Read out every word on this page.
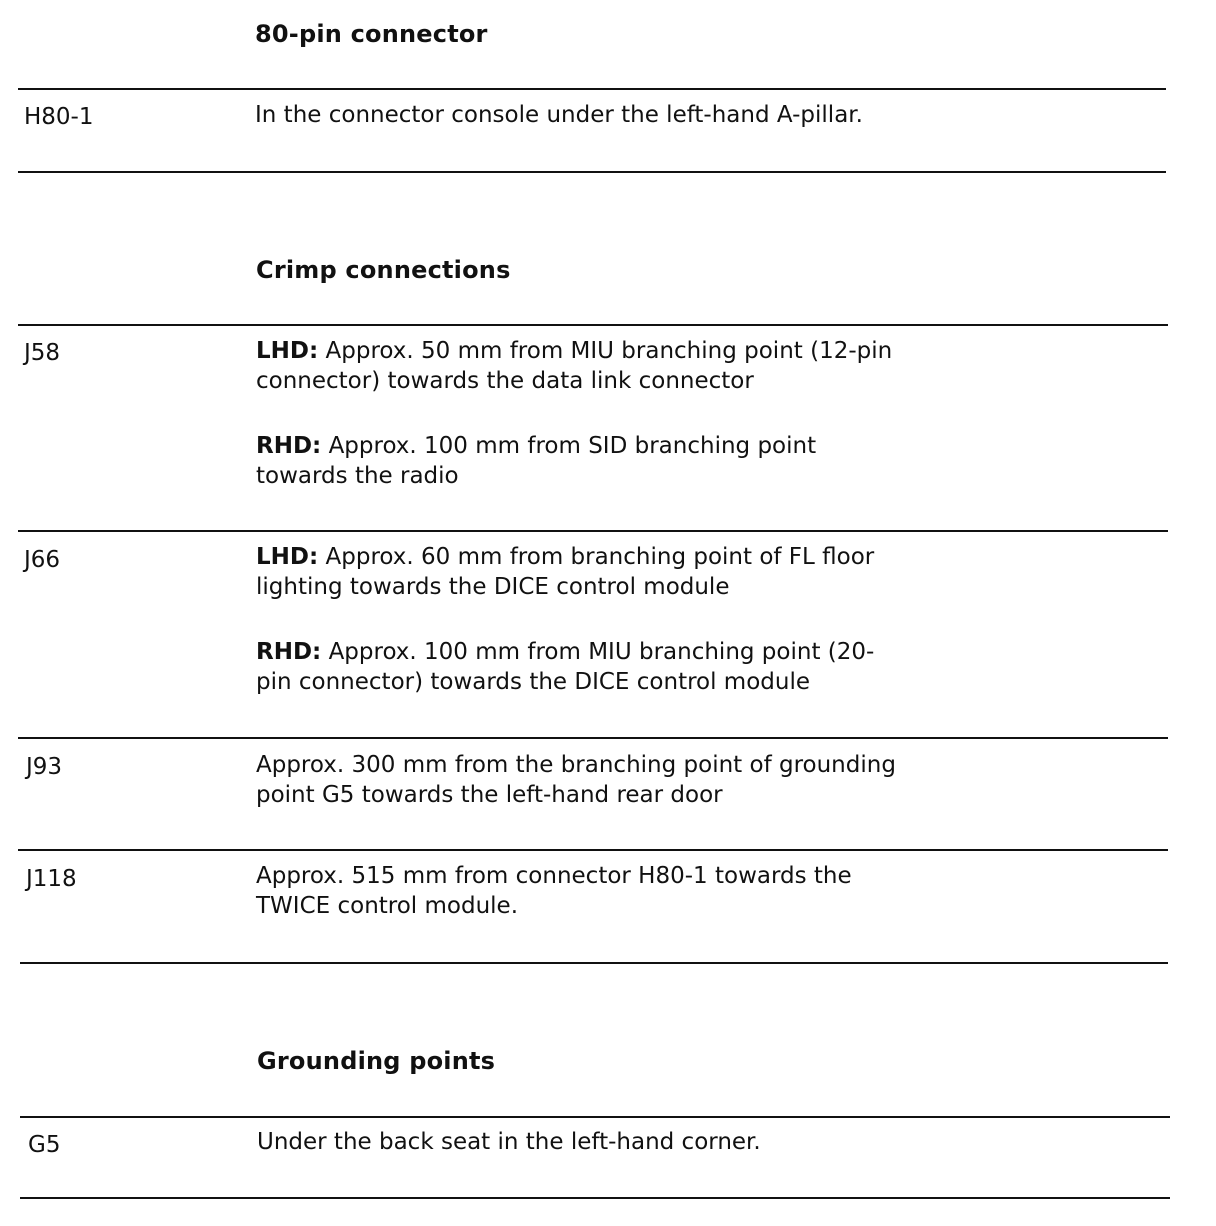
80-pin connector
H80-1	In the connector console under the left-hand A-pillar.
Crimp connections
J58	LHD: Approx. 50 mm from MIU branching point (12-pin
connector) towards the data link connector
RHD: Approx. 100 mm from SID branching point
towards the radio
J66	LHD: Approx. 60 mm from branching point of FL floor
lighting towards the DICE control module
RHD: Approx. 100 mm from MIU branching point (20-
pin connector) towards the DICE control module
J93	Approx. 300 mm from the branching point of grounding
point G5 towards the left-hand rear door
J118	Approx. 515 mm from connector H80-1 towards the
TWICE control module.
Grounding points
G5	Under the back seat in the left-hand corner.
